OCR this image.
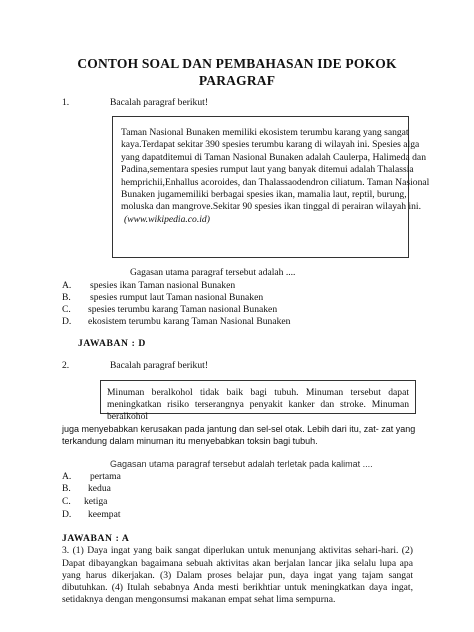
CONTOH SOAL DAN PEMBAHASAN IDE POKOK
PARAGRAF
1.	Bacalah paragraf berikut!
Taman Nasional Bunaken memiliki ekosistem terumbu karang yang sangat
kaya.Terdapat sekitar 390 spesies terumbu karang di wilayah ini. Spesies alga
yang dapatditemui di Taman Nasional Bunaken adalah Caulerpa, Halimeda dan
Padina,sementara spesies rumput laut yang banyak ditemui adalah Thalassia
hemprichii,Enhallus acoroides, dan Thalassaodendron ciliatum. Taman Nasional
Bunaken jugamemiliki berbagai spesies ikan, mamalia laut, reptil, burung,
moluska dan mangrove.Sekitar 90 spesies ikan tinggal di perairan wilayah ini.
(www.wikipedia.co.id)
Gagasan utama paragraf tersebut adalah ....
A. spesies ikan Taman nasional Bunaken
B. spesies rumput laut Taman nasional Bunaken
C. spesies terumbu karang Taman nasional Bunaken
D. ekosistem terumbu karang Taman Nasional Bunaken
JAWABAN : D
2.	Bacalah paragraf berikut!
Minuman beralkohol tidak baik bagi tubuh. Minuman tersebut dapat
meningkatkan risiko terserangnya penyakit kanker dan stroke. Minuman
beralkohol
juga menyebabkan kerusakan pada jantung dan sel-sel otak. Lebih dari itu, zat- zat yang
terkandung dalam minuman itu menyebabkan toksin bagi tubuh.
Gagasan utama paragraf tersebut adalah terletak pada kalimat ....
A. pertama
B. kedua
C. ketiga
D. keempat
JAWABAN : A
3. (1) Daya ingat yang baik sangat diperlukan untuk menunjang aktivitas sehari-hari. (2)
Dapat dibayangkan bagaimana sebuah aktivitas akan berjalan lancar jika selalu lupa apa
yang harus dikerjakan. (3) Dalam proses belajar pun, daya ingat yang tajam sangat
dibutuhkan. (4) Itulah sebabnya Anda mesti berikhtiar untuk meningkatkan daya ingat,
setidaknya dengan mengonsumsi makanan empat sehat lima sempurna.
